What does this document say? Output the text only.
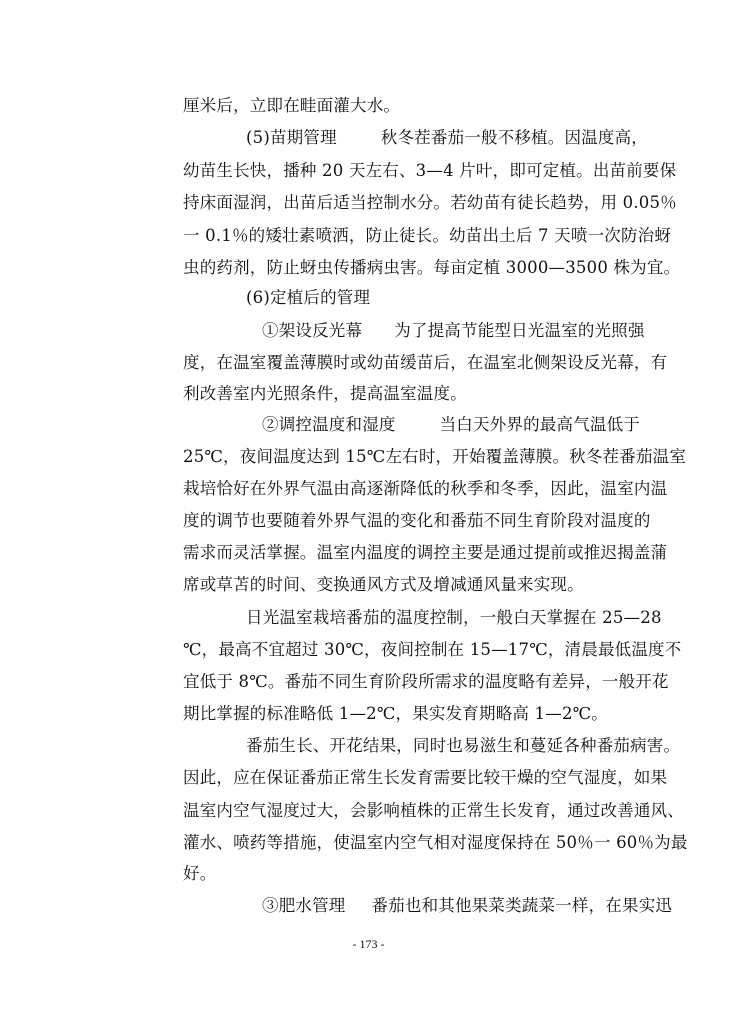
厘米后，立即在畦面灌大水。
(5)苗期管理	秋冬茬番茄一般不移植。因温度高，
幼苗生长快，播种 20 天左右、3—4 片叶，即可定植。出苗前要保
持床面湿润，出苗后适当控制水分。若幼苗有徒长趋势，用 0.05％
一 0.1％的矮壮素喷洒，防止徒长。幼苗出土后 7 天喷一次防治蚜
虫的药剂，防止蚜虫传播病虫害。每亩定植 3000—3500 株为宜。
(6)定植后的管理
①架设反光幕 为了提高节能型日光温室的光照强
度，在温室覆盖薄膜时或幼苗缓苗后，在温室北侧架设反光幕，有
利改善室内光照条件，提高温室温度。
②调控温度和湿度	当白天外界的最高气温低于
25℃，夜间温度达到 15℃左右时，开始覆盖薄膜。秋冬茬番茄温室
栽培恰好在外界气温由高逐渐降低的秋季和冬季，因此，温室内温
度的调节也要随着外界气温的变化和番茄不同生育阶段对温度的
需求而灵活掌握。温室内温度的调控主要是通过提前或推迟揭盖蒲
席或草苫的时间、变换通风方式及增减通风量来实现。
日光温室栽培番茄的温度控制，一般白天掌握在 25—28
℃，最高不宜超过 30℃，夜间控制在 15—17℃，清晨最低温度不
宜低于 8℃。番茄不同生育阶段所需求的温度略有差异，一般开花
期比掌握的标准略低 1—2℃，果实发育期略高 1—2℃。
番茄生长、开花结果，同时也易滋生和蔓延各种番茄病害。
因此，应在保证番茄正常生长发育需要比较干燥的空气湿度，如果
温室内空气湿度过大，会影响植株的正常生长发育，通过改善通风、
灌水、喷药等措施，使温室内空气相对湿度保持在 50％一 60％为最
好。
③肥水管理 番茄也和其他果菜类蔬菜一样，在果实迅
- 173 -
